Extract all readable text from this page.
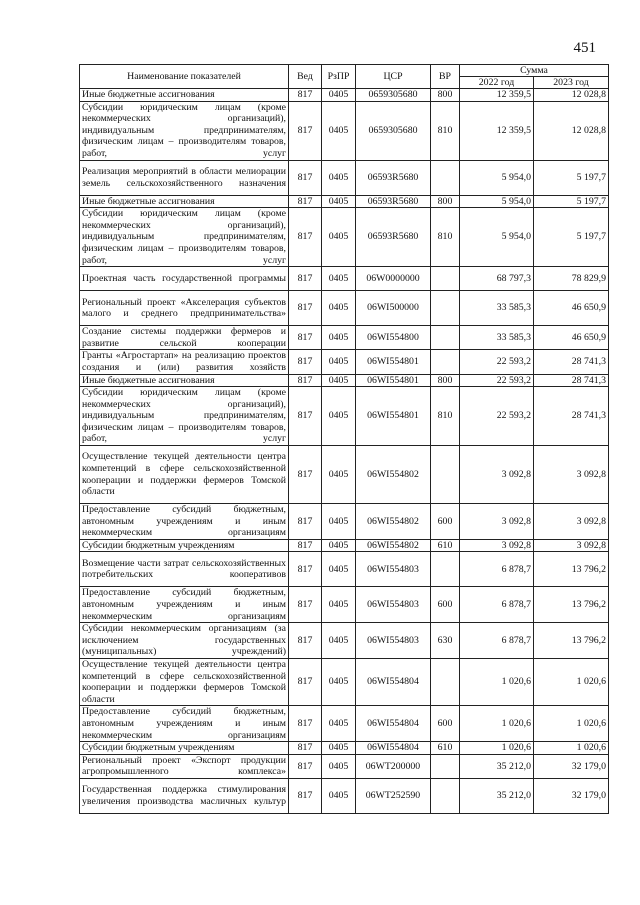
451
Наименование показателей	Вед	РзПР	ЦСР	ВР	Сумма	
					2022 год	2023 год
Иные бюджетные ассигнования	817	0405	0659305680	800	12 359,5	12 028,8
Субсидии юридическим лицам (кроме некоммерческих организаций), индивидуальным предпринимателям, физическим лицам – производителям товаров, работ, услуг	817	0405	0659305680	810	12 359,5	12 028,8
Реализация мероприятий в области мелиорации земель сельскохозяйственного назначения	817	0405	06593R5680		5 954,0	5 197,7
Иные бюджетные ассигнования	817	0405	06593R5680	800	5 954,0	5 197,7
Субсидии юридическим лицам (кроме некоммерческих организаций), индивидуальным предпринимателям, физическим лицам – производителям товаров, работ, услуг	817	0405	06593R5680	810	5 954,0	5 197,7
Проектная часть государственной программы	817	0405	06W0000000		68 797,3	78 829,9
Региональный проект «Акселерация субъектов малого и среднего предпринимательства»	817	0405	06WI500000		33 585,3	46 650,9
Создание системы поддержки фермеров и развитие сельской кооперации	817	0405	06WI554800		33 585,3	46 650,9
Гранты «Агростартап» на реализацию проектов создания и (или) развития хозяйств	817	0405	06WI554801		22 593,2	28 741,3
Иные бюджетные ассигнования	817	0405	06WI554801	800	22 593,2	28 741,3
Субсидии юридическим лицам (кроме некоммерческих организаций), индивидуальным предпринимателям, физическим лицам – производителям товаров, работ, услуг	817	0405	06WI554801	810	22 593,2	28 741,3
Осуществление текущей деятельности центра компетенций в сфере сельскохозяйственной кооперации и поддержки фермеров Томской области	817	0405	06WI554802		3 092,8	3 092,8
Предоставление субсидий бюджетным, автономным учреждениям и иным некоммерческим организациям	817	0405	06WI554802	600	3 092,8	3 092,8
Субсидии бюджетным учреждениям	817	0405	06WI554802	610	3 092,8	3 092,8
Возмещение части затрат сельскохозяйственных потребительских кооперативов	817	0405	06WI554803		6 878,7	13 796,2
Предоставление субсидий бюджетным, автономным учреждениям и иным некоммерческим организациям	817	0405	06WI554803	600	6 878,7	13 796,2
Субсидии некоммерческим организациям (за исключением государственных (муниципальных) учреждений)	817	0405	06WI554803	630	6 878,7	13 796,2
Осуществление текущей деятельности центра компетенций в сфере сельскохозяйственной кооперации и поддержки фермеров Томской области	817	0405	06WI554804		1 020,6	1 020,6
Предоставление субсидий бюджетным, автономным учреждениям и иным некоммерческим организациям	817	0405	06WI554804	600	1 020,6	1 020,6
Субсидии бюджетным учреждениям	817	0405	06WI554804	610	1 020,6	1 020,6
Региональный проект «Экспорт продукции агропромышленного комплекса»	817	0405	06WT200000		35 212,0	32 179,0
Государственная поддержка стимулирования увеличения производства масличных культур	817	0405	06WT252590		35 212,0	32 179,0
